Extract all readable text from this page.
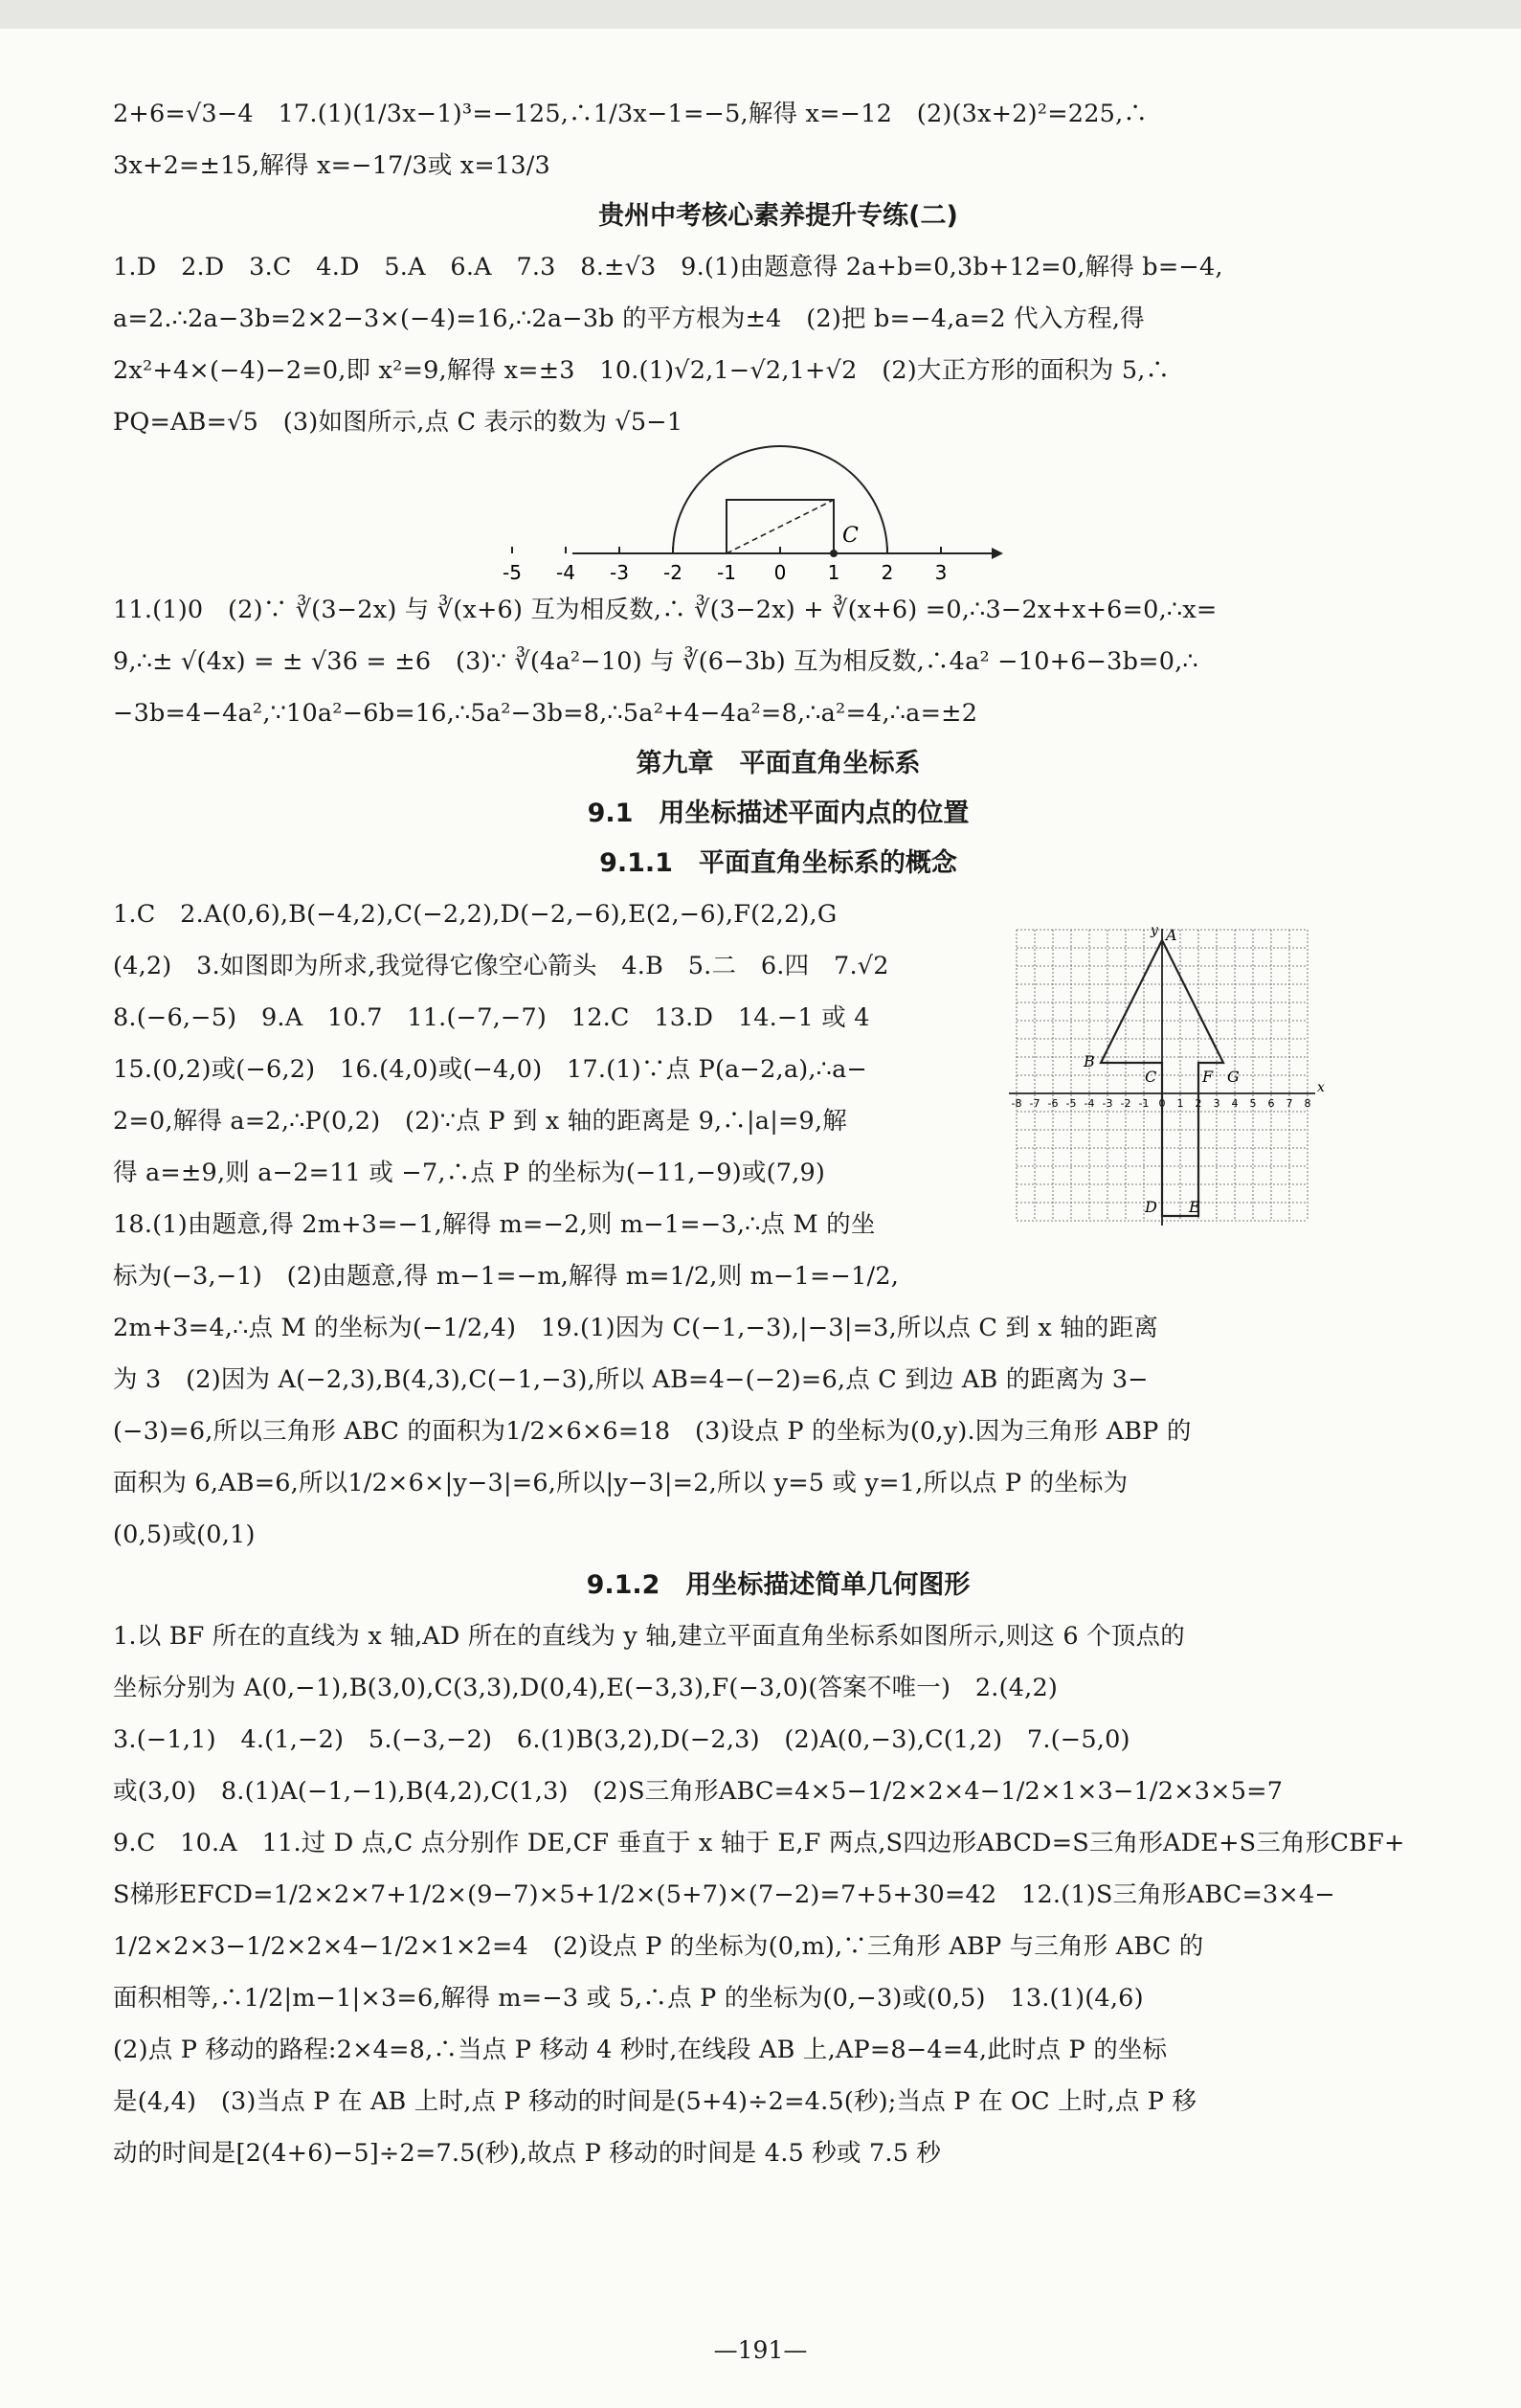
2+6=√3−4　17.(1)(1/3x−1)³=−125,∴1/3x−1=−5,解得 x=−12　(2)(3x+2)²=225,∴

3x+2=±15,解得 x=−17/3或 x=13/3

贵州中考核心素养提升专练(二)

1.D　2.D　3.C　4.D　5.A　6.A　7.3　8.±√3　9.(1)由题意得 2a+b=0,3b+12=0,解得 b=−4,

a=2.∴2a−3b=2×2−3×(−4)=16,∴2a−3b 的平方根为±4　(2)把 b=−4,a=2 代入方程,得

2x²+4×(−4)−2=0,即 x²=9,解得 x=±3　10.(1)√2,1−√2,1+√2　(2)大正方形的面积为 5,∴

PQ=AB=√5　(3)如图所示,点 C 表示的数为 √5−1

-5 -4 -3 -2 -1 0 1 2 3
C

11.(1)0　(2)∵ ∛(3−2x) 与 ∛(x+6) 互为相反数,∴ ∛(3−2x) + ∛(x+6) =0,∴3−2x+x+6=0,∴x=

9,∴± √(4x) = ± √36 = ±6　(3)∵ ∛(4a²−10) 与 ∛(6−3b) 互为相反数,∴4a² −10+6−3b=0,∴

−3b=4−4a²,∵10a²−6b=16,∴5a²−3b=8,∴5a²+4−4a²=8,∴a²=4,∴a=±2

第九章　平面直角坐标系
9.1　用坐标描述平面内点的位置
9.1.1　平面直角坐标系的概念

1.C　2.A(0,6),B(−4,2),C(−2,2),D(−2,−6),E(2,−6),F(2,2),G

(4,2)　3.如图即为所求,我觉得它像空心箭头　4.B　5.二　6.四　7.√2

8.(−6,−5)　9.A　10.7　11.(−7,−7)　12.C　13.D　14.−1 或 4

15.(0,2)或(−6,2)　16.(4,0)或(−4,0)　17.(1)∵点 P(a−2,a),∴a−

2=0,解得 a=2,∴P(0,2)　(2)∵点 P 到 x 轴的距离是 9,∴|a|=9,解

得 a=±9,则 a−2=11 或 −7,∴点 P 的坐标为(−11,−9)或(7,9)

18.(1)由题意,得 2m+3=−1,解得 m=−2,则 m−1=−3,∴点 M 的坐

标为(−3,−1)　(2)由题意,得 m−1=−m,解得 m=1/2,则 m−1=−1/2,

2m+3=4,∴点 M 的坐标为(−1/2,4)　19.(1)因为 C(−1,−3),|−3|=3,所以点 C 到 x 轴的距离

为 3　(2)因为 A(−2,3),B(4,3),C(−1,−3),所以 AB=4−(−2)=6,点 C 到边 AB 的距离为 3−

(−3)=6,所以三角形 ABC 的面积为1/2×6×6=18　(3)设点 P 的坐标为(0,y).因为三角形 ABP 的

面积为 6,AB=6,所以1/2×6×|y−3|=6,所以|y−3|=2,所以 y=5 或 y=1,所以点 P 的坐标为

(0,5)或(0,1)

9.1.2　用坐标描述简单几何图形

1.以 BF 所在的直线为 x 轴,AD 所在的直线为 y 轴,建立平面直角坐标系如图所示,则这 6 个顶点的

坐标分别为 A(0,−1),B(3,0),C(3,3),D(0,4),E(−3,3),F(−3,0)(答案不唯一)　2.(4,2)

3.(−1,1)　4.(1,−2)　5.(−3,−2)　6.(1)B(3,2),D(−2,3)　(2)A(0,−3),C(1,2)　7.(−5,0)

或(3,0)　8.(1)A(−1,−1),B(4,2),C(1,3)　(2)S三角形ABC=4×5−1/2×2×4−1/2×1×3−1/2×3×5=7

9.C　10.A　11.过 D 点,C 点分别作 DE,CF 垂直于 x 轴于 E,F 两点,S四边形ABCD=S三角形ADE+S三角形CBF+

S梯形EFCD=1/2×2×7+1/2×(9−7)×5+1/2×(5+7)×(7−2)=7+5+30=42　12.(1)S三角形ABC=3×4−

1/2×2×3−1/2×2×4−1/2×1×2=4　(2)设点 P 的坐标为(0,m),∵三角形 ABP 与三角形 ABC 的

面积相等,∴1/2|m−1|×3=6,解得 m=−3 或 5,∴点 P 的坐标为(0,−3)或(0,5)　13.(1)(4,6)

(2)点 P 移动的路程:2×4=8,∴当点 P 移动 4 秒时,在线段 AB 上,AP=8−4=4,此时点 P 的坐标

是(4,4)　(3)当点 P 在 AB 上时,点 P 移动的时间是(5+4)÷2=4.5(秒);当点 P 在 OC 上时,点 P 移

动的时间是[2(4+6)−5]÷2=7.5(秒),故点 P 移动的时间是 4.5 秒或 7.5 秒

x
y
-8 -7 -6 -5 -4 -3 -2 -1 0 1 2 3 4 5 6 7 8
A
B
C	F G
D E
—191—
